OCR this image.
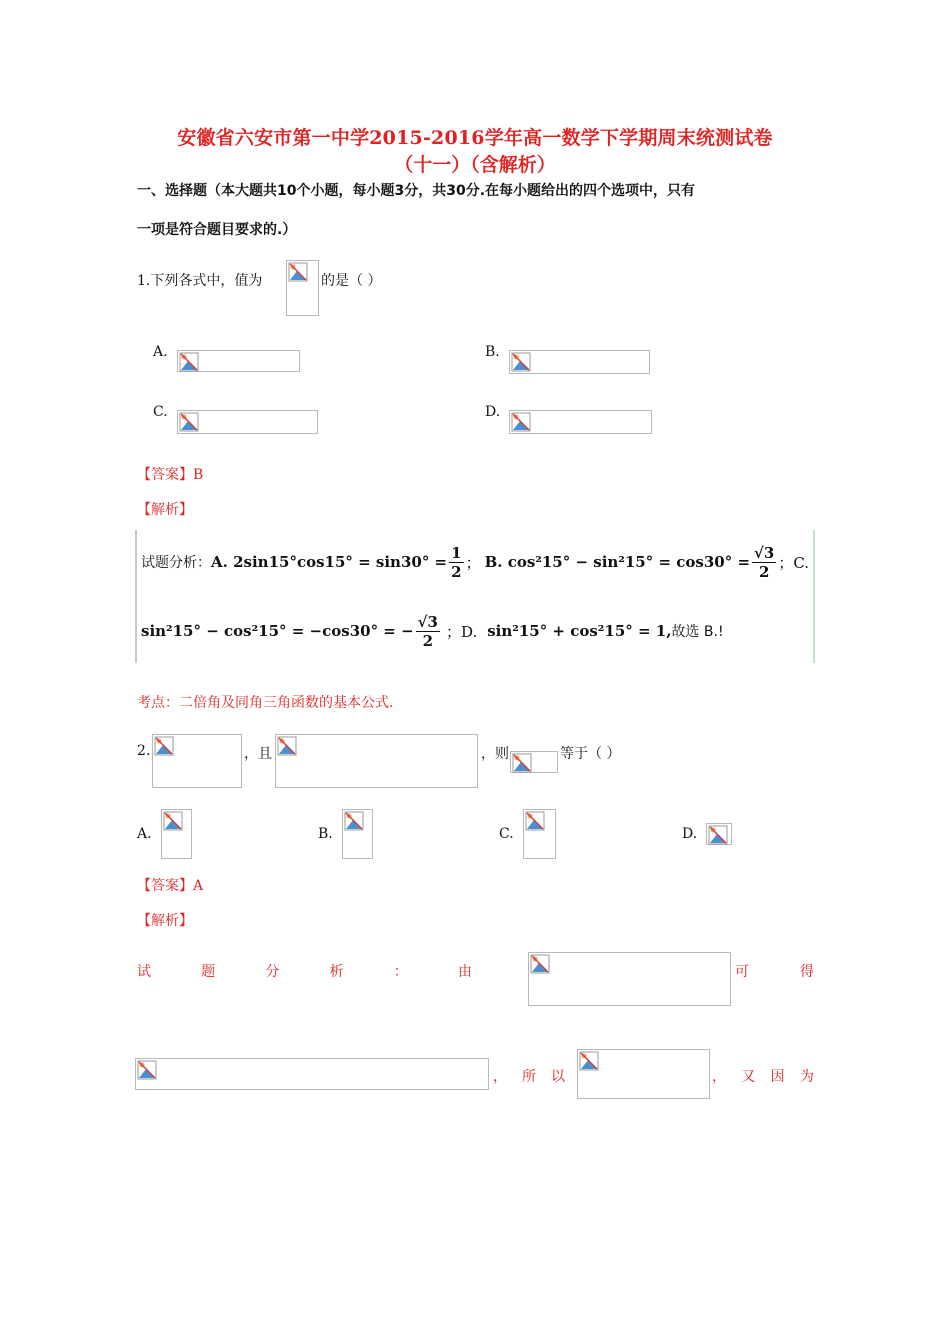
安徽省六安市第一中学2015-2016学年高一数学下学期周末统测试卷
（十一）（含解析）
一、选择题（本大题共10个小题，每小题3分，共30分.在每小题给出的四个选项中，只有
一项是符合题目要求的.）
1.下列各式中，值为	的是（ ）
A.	B.
C.	D.
【答案】B
【解析】
试题分析： A. $2\sin 15^\circ\cos 15^\circ = \sin 30^\circ = \frac{1}{2}$ ； B. $\cos^215^\circ - \sin^215^\circ = \cos 30^\circ = \frac{√3}{2}$ ；C.
sin²15° − cos²15° = −cos30° = − $\frac{√3}{2}$ ；D. sin²15° + cos²15° = 1, 故选 B.!
考点：二倍角及同角三角函数的基本公式.
2.	，且	，则	等于（ ）
A.	B.	C.	D.
【答案】A
【解析】
试	题	分	析	：	由	可	得
， 所 以	， 又 因 为
